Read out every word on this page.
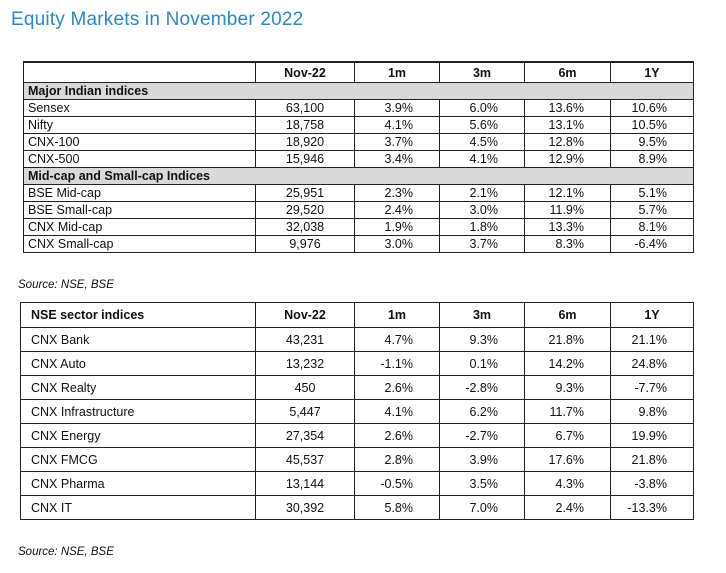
Equity Markets in November 2022
	Nov-22	1m	3m	6m	1Y
Major Indian indices					
Sensex	63,100	3.9%	6.0%	13.6%	10.6%
Nifty	18,758	4.1%	5.6%	13.1%	10.5%
CNX-100	18,920	3.7%	4.5%	12.8%	9.5%
CNX-500	15,946	3.4%	4.1%	12.9%	8.9%
Mid-cap and Small-cap Indices					
BSE Mid-cap	25,951	2.3%	2.1%	12.1%	5.1%
BSE Small-cap	29,520	2.4%	3.0%	11.9%	5.7%
CNX Mid-cap	32,038	1.9%	1.8%	13.3%	8.1%
CNX Small-cap	9,976	3.0%	3.7%	8.3%	-6.4%
Source: NSE, BSE
NSE sector indices	Nov-22	1m	3m	6m	1Y
CNX Bank	43,231	4.7%	9.3%	21.8%	21.1%
CNX Auto	13,232	-1.1%	0.1%	14.2%	24.8%
CNX Realty	450	2.6%	-2.8%	9.3%	-7.7%
CNX Infrastructure	5,447	4.1%	6.2%	11.7%	9.8%
CNX Energy	27,354	2.6%	-2.7%	6.7%	19.9%
CNX FMCG	45,537	2.8%	3.9%	17.6%	21.8%
CNX Pharma	13,144	-0.5%	3.5%	4.3%	-3.8%
CNX IT	30,392	5.8%	7.0%	2.4%	-13.3%
Source: NSE, BSE
